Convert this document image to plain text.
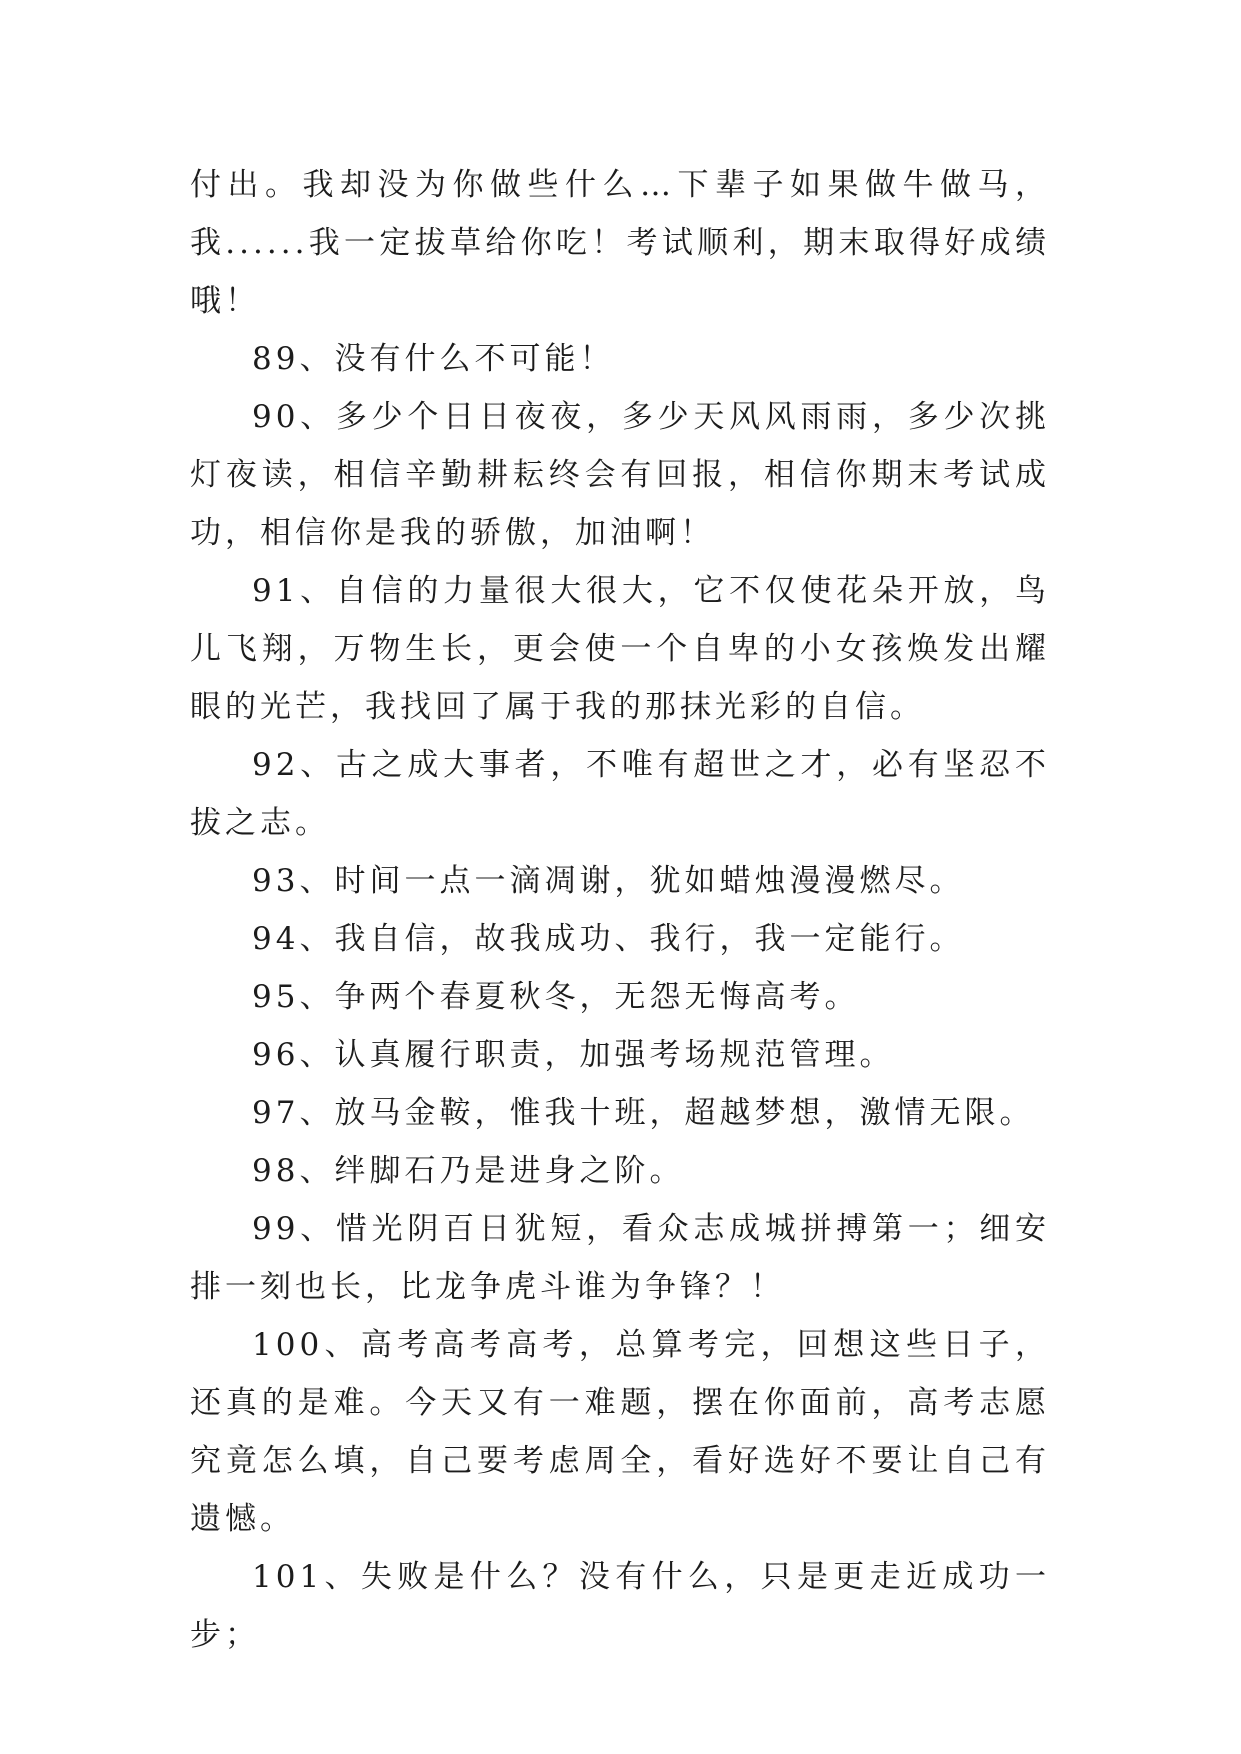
付出。我却没为你做些什么…下辈子如果做牛做马，我......我一定拔草给你吃！考试顺利，期末取得好成绩哦！

89、没有什么不可能！

90、多少个日日夜夜，多少天风风雨雨，多少次挑灯夜读，相信辛勤耕耘终会有回报，相信你期末考试成功，相信你是我的骄傲，加油啊！

91、自信的力量很大很大，它不仅使花朵开放，鸟儿飞翔，万物生长，更会使一个自卑的小女孩焕发出耀眼的光芒，我找回了属于我的那抹光彩的自信。

92、古之成大事者，不唯有超世之才，必有坚忍不拔之志。

93、时间一点一滴凋谢，犹如蜡烛漫漫燃尽。

94、我自信，故我成功、我行，我一定能行。

95、争两个春夏秋冬，无怨无悔高考。

96、认真履行职责，加强考场规范管理。

97、放马金鞍，惟我十班，超越梦想，激情无限。

98、绊脚石乃是进身之阶。

99、惜光阴百日犹短，看众志成城拼搏第一；细安排一刻也长，比龙争虎斗谁为争锋？！

100、高考高考高考，总算考完，回想这些日子，还真的是难。今天又有一难题，摆在你面前，高考志愿究竟怎么填，自己要考虑周全，看好选好不要让自己有遗憾。

101、失败是什么？没有什么，只是更走近成功一步；
